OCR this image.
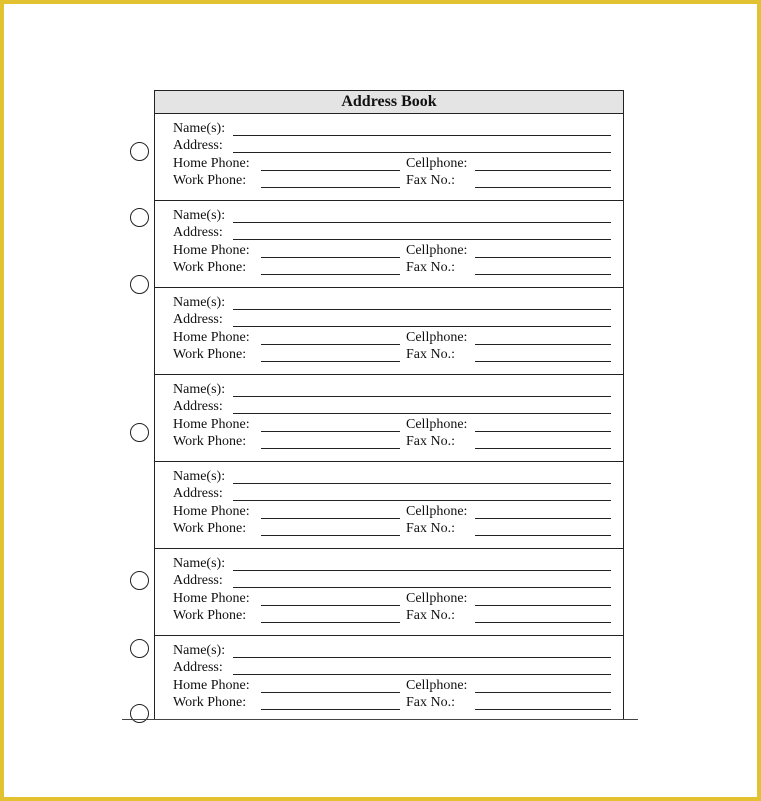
Address Book
Name(s):
Address:
Home Phone:	Cellphone:
Work Phone:	Fax No.:
Name(s):
Address:
Home Phone:	Cellphone:
Work Phone:	Fax No.:
Name(s):
Address:
Home Phone:	Cellphone:
Work Phone:	Fax No.:
Name(s):
Address:
Home Phone:	Cellphone:
Work Phone:	Fax No.:
Name(s):
Address:
Home Phone:	Cellphone:
Work Phone:	Fax No.:
Name(s):
Address:
Home Phone:	Cellphone:
Work Phone:	Fax No.:
Name(s):
Address:
Home Phone:	Cellphone:
Work Phone:	Fax No.:
